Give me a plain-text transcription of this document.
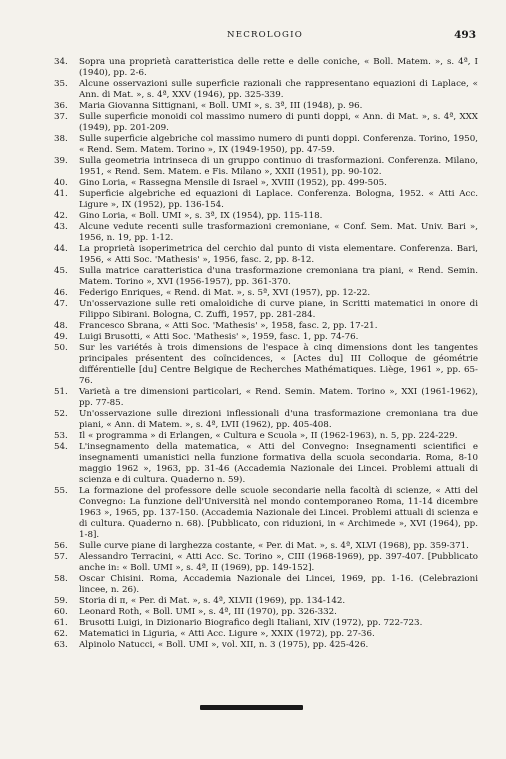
NECROLOGIO	493
34. Sopra una proprietà caratteristica delle rette e delle coniche, « Boll. Matem. », s. 4ª, I (1940), pp. 2-6.
35. Alcune osservazioni sulle superficie razionali che rappresentano equazioni di Laplace, « Ann. di Mat. », s. 4ª, XXV (1946), pp. 325-339.
36. Maria Giovanna Sittignani, « Boll. UMI », s. 3ª, III (1948), p. 96.
37. Sulle superficie monoidi col massimo numero di punti doppi, « Ann. di Mat. », s. 4ª, XXX (1949), pp. 201-209.
38. Sulle superficie algebriche col massimo numero di punti doppi. Conferenza. Torino, 1950, « Rend. Sem. Matem. Torino », IX (1949-1950), pp. 47-59.
39. Sulla geometria intrinseca di un gruppo continuo di trasformazioni. Conferenza. Milano, 1951, « Rend. Sem. Matem. e Fis. Milano », XXII (1951), pp. 90-102.
40. Gino Loria, « Rassegna Mensile di Israel », XVIII (1952), pp. 499-505.
41. Superficie algebriche ed equazioni di Laplace. Conferenza. Bologna, 1952. « Atti Acc. Ligure », IX (1952), pp. 136-154.
42. Gino Loria, « Boll. UMI », s. 3ª, IX (1954), pp. 115-118.
43. Alcune vedute recenti sulle trasformazioni cremoniane, « Conf. Sem. Mat. Univ. Bari », 1956, n. 19, pp. 1-12.
44. La proprietà isoperimetrica del cerchio dal punto di vista elementare. Conferenza. Bari, 1956, « Atti Soc. 'Mathesis' », 1956, fasc. 2, pp. 8-12.
45. Sulla matrice caratteristica d'una trasformazione cremoniana tra piani, « Rend. Semin. Matem. Torino », XVI (1956-1957), pp. 361-370.
46. Federigo Enriques, « Rend. di Mat. », s. 5ª, XVI (1957), pp. 12-22.
47. Un'osservazione sulle reti omaloidiche di curve piane, in Scritti matematici in onore di Filippo Sibirani. Bologna, C. Zuffi, 1957, pp. 281-284.
48. Francesco Sbrana, « Atti Soc. 'Mathesis' », 1958, fasc. 2, pp. 17-21.
49. Luigi Brusotti, « Atti Soc. 'Mathesis' », 1959, fasc. 1, pp. 74-76.
50. Sur les variétés à trois dimensions de l'espace à cinq dimensions dont les tangentes principales présentent des coïncidences, « [Actes du] III Colloque de géométrie différentielle [du] Centre Belgique de Recherches Mathématiques. Liège, 1961 », pp. 65-76.
51. Varietà a tre dimensioni particolari, « Rend. Semin. Matem. Torino », XXI (1961-1962), pp. 77-85.
52. Un'osservazione sulle direzioni inflessionali d'una trasformazione cremoniana tra due piani, « Ann. di Matem. », s. 4ª, LVII (1962), pp. 405-408.
53. Il « programma » di Erlangen, « Cultura e Scuola », II (1962-1963), n. 5, pp. 224-229.
54. L'insegnamento della matematica, « Atti del Convegno: Insegnamenti scientifici e insegnamenti umanistici nella funzione formativa della scuola secondaria. Roma, 8-10 maggio 1962 », 1963, pp. 31-46 (Accademia Nazionale dei Lincei. Problemi attuali di scienza e di cultura. Quaderno n. 59).
55. La formazione del professore delle scuole secondarie nella facoltà di scienze, « Atti del Convegno: La funzione dell'Università nel mondo contemporaneo Roma, 11-14 dicembre 1963 », 1965, pp. 137-150. (Accademia Nazionale dei Lincei. Problemi attuali di scienza e di cultura. Quaderno n. 68). [Pubblicato, con riduzioni, in « Archimede », XVI (1964), pp. 1-8].
56. Sulle curve piane di larghezza costante, « Per. di Mat. », s. 4ª, XLVI (1968), pp. 359-371.
57. Alessandro Terracini, « Atti Acc. Sc. Torino », CIII (1968-1969), pp. 397-407. [Pubblicato anche in: « Boll. UMI », s. 4ª, II (1969), pp. 149-152].
58. Oscar Chisini. Roma, Accademia Nazionale dei Lincei, 1969, pp. 1-16. (Celebrazioni lincee, n. 26).
59. Storia di π, « Per. di Mat. », s. 4ª, XLVII (1969), pp. 134-142.
60. Leonard Roth, « Boll. UMI », s. 4ª, III (1970), pp. 326-332.
61. Brusotti Luigi, in Dizionario Biografico degli Italiani, XIV (1972), pp. 722-723.
62. Matematici in Liguria, « Atti Acc. Ligure », XXIX (1972), pp. 27-36.
63. Alpinolo Natucci, « Boll. UMI », vol. XII, n. 3 (1975), pp. 425-426.
